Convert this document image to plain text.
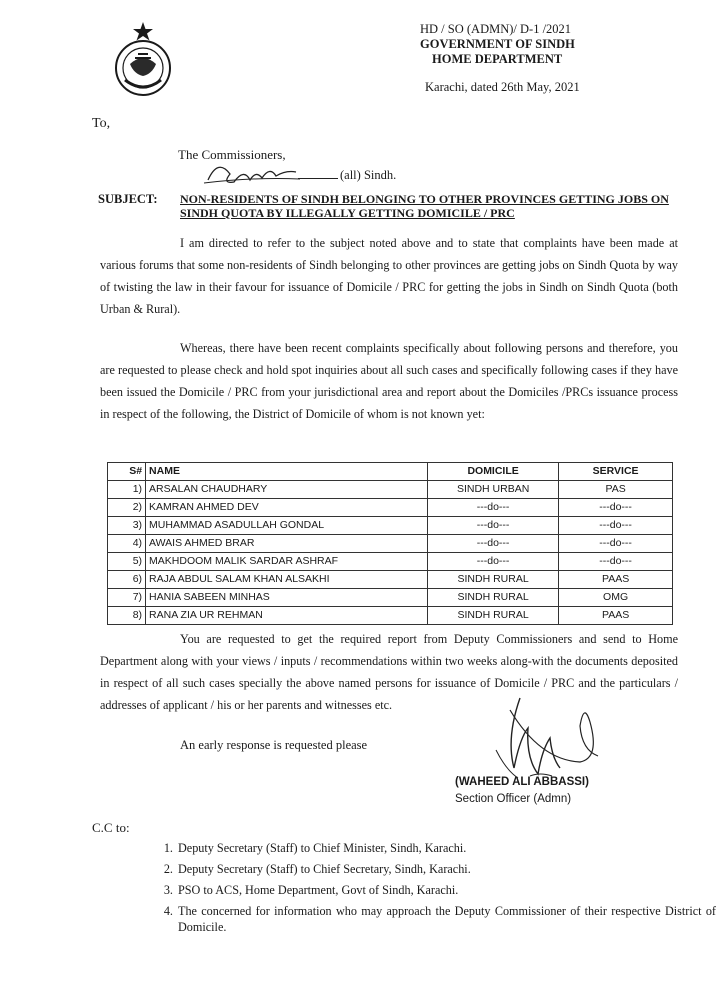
HD / SO (ADMN)/ D-1 /2021
GOVERNMENT OF SINDH
HOME DEPARTMENT
Karachi, dated 26th May, 2021
To,
The Commissioners,
(all) Sindh.
SUBJECT: NON-RESIDENTS OF SINDH BELONGING TO OTHER PROVINCES GETTING JOBS ON SINDH QUOTA BY ILLEGALLY GETTING DOMICILE / PRC
I am directed to refer to the subject noted above and to state that complaints have been made at various forums that some non-residents of Sindh belonging to other provinces are getting jobs on Sindh Quota by way of twisting the law in their favour for issuance of Domicile / PRC for getting the jobs in Sindh on Sindh Quota (both Urban & Rural).
Whereas, there have been recent complaints specifically about following persons and therefore, you are requested to please check and hold spot inquiries about all such cases and specifically following cases if they have been issued the Domicile / PRC from your jurisdictional area and report about the Domiciles /PRCs issuance process in respect of the following, the District of Domicile of whom is not known yet:
S#	NAME	DOMICILE	SERVICE
1)	ARSALAN CHAUDHARY	SINDH URBAN	PAS
2)	KAMRAN AHMED DEV	---do---	---do---
3)	MUHAMMAD ASADULLAH GONDAL	---do---	---do---
4)	AWAIS AHMED BRAR	---do---	---do---
5)	MAKHDOOM MALIK SARDAR ASHRAF	---do---	---do---
6)	RAJA ABDUL SALAM KHAN ALSAKHI	SINDH RURAL	PAAS
7)	HANIA SABEEN MINHAS	SINDH RURAL	OMG
8)	RANA ZIA UR REHMAN	SINDH RURAL	PAAS
You are requested to get the required report from Deputy Commissioners and send to Home Department along with your views / inputs / recommendations within two weeks along-with the documents deposited in respect of all such cases specially the above named persons for issuance of Domicile / PRC and the particulars / addresses of applicant / his or her parents and witnesses etc.
An early response is requested please
(WAHEED ALI ABBASSI)
Section Officer (Admn)
C.C to:
1. Deputy Secretary (Staff) to Chief Minister, Sindh, Karachi.
2. Deputy Secretary (Staff) to Chief Secretary, Sindh, Karachi.
3. PSO to ACS, Home Department, Govt of Sindh, Karachi.
4. The concerned for information who may approach the Deputy Commissioner of their respective District of Domicile.
